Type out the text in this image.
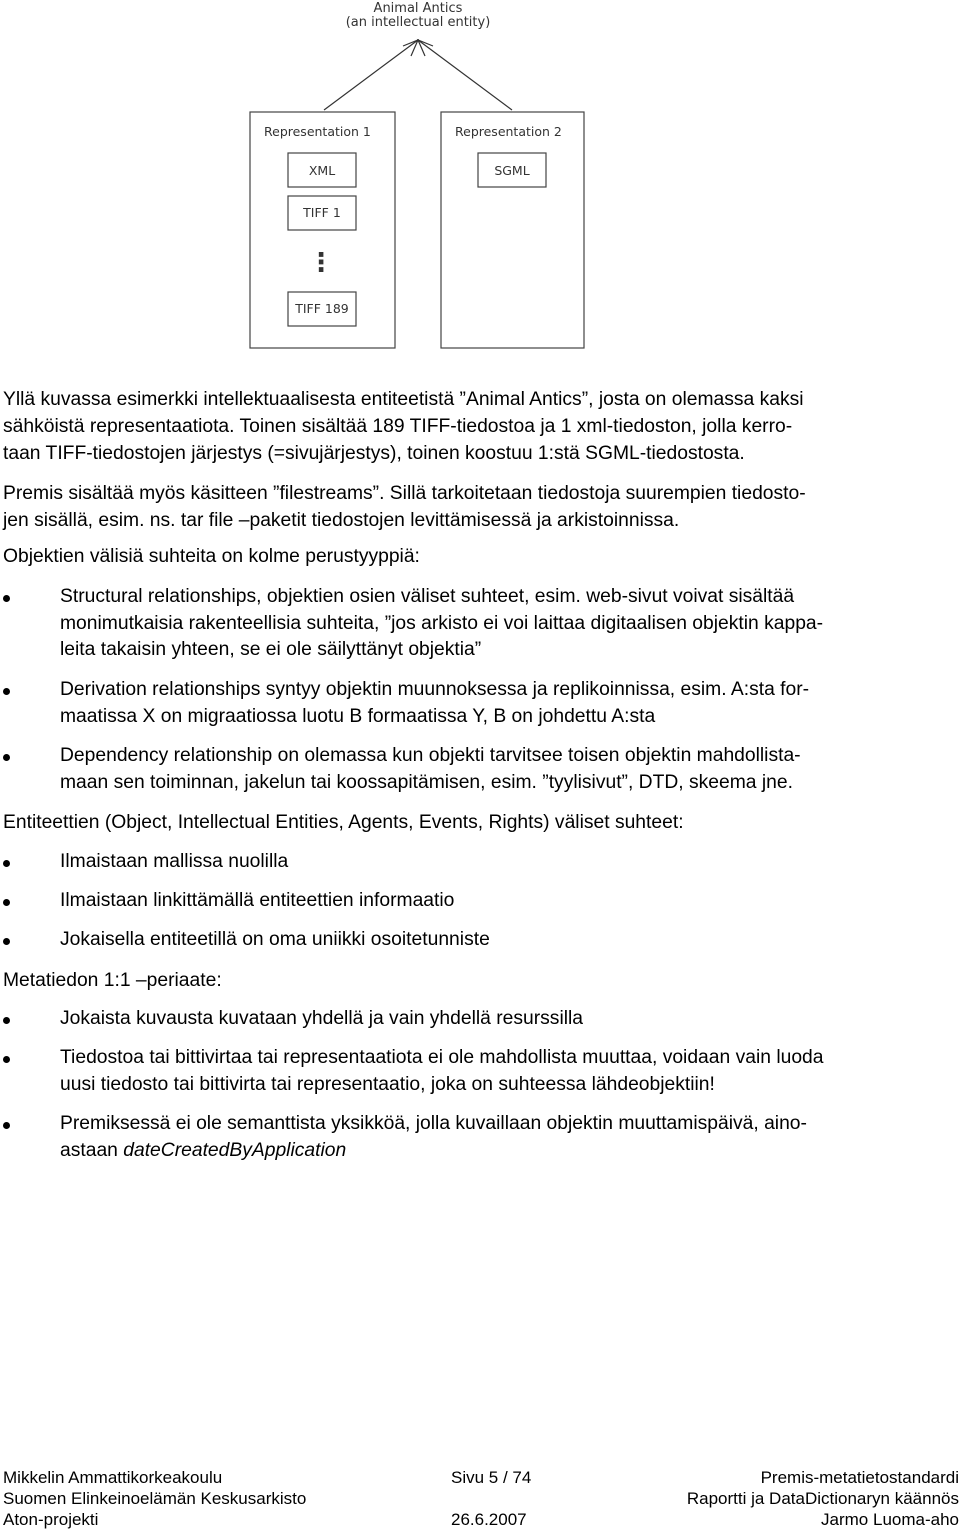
Animal Antics
(an intellectual entity)
Representation 1
XML
TIFF 1
⋮
TIFF 189
Representation 2
SGML
Yllä kuvassa esimerkki intellektuaalisesta entiteetistä ”Animal Antics”, josta on olemassa kaksi
sähköistä representaatiota. Toinen sisältää 189 TIFF-tiedostoa ja 1 xml-tiedoston, jolla kerro-
taan TIFF-tiedostojen järjestys (=sivujärjestys), toinen koostuu 1:stä SGML-tiedostosta.
Premis sisältää myös käsitteen ”filestreams”. Sillä tarkoitetaan tiedostoja suurempien tiedosto-
jen sisällä, esim. ns. tar file –paketit tiedostojen levittämisessä ja arkistoinnissa.
Objektien välisiä suhteita on kolme perustyyppiä:
Structural relationships, objektien osien väliset suhteet, esim. web-sivut voivat sisältää
monimutkaisia rakenteellisia suhteita, ”jos arkisto ei voi laittaa digitaalisen objektin kappa-
leita takaisin yhteen, se ei ole säilyttänyt objektia”
Derivation relationships syntyy objektin muunnoksessa ja replikoinnissa, esim. A:sta for-
maatissa X on migraatiossa luotu B formaatissa Y, B on johdettu A:sta
Dependency relationship on olemassa kun objekti tarvitsee toisen objektin mahdollista-
maan sen toiminnan, jakelun tai koossapitämisen, esim. ”tyylisivut”, DTD, skeema jne.
Entiteettien (Object, Intellectual Entities, Agents, Events, Rights) väliset suhteet:
Ilmaistaan mallissa nuolilla
Ilmaistaan linkittämällä entiteettien informaatio
Jokaisella entiteetillä on oma uniikki osoitetunniste
Metatiedon 1:1 –periaate:
Jokaista kuvausta kuvataan yhdellä ja vain yhdellä resurssilla
Tiedostoa tai bittivirtaa tai representaatiota ei ole mahdollista muuttaa, voidaan vain luoda
uusi tiedosto tai bittivirta tai representaatio, joka on suhteessa lähdeobjektiin!
Premiksessä ei ole semanttista yksikköä, jolla kuvaillaan objektin muuttamispäivä, aino-
astaan dateCreatedByApplication
Mikkelin Ammattikorkeakoulu	Sivu 5 / 74	Premis-metatietostandardi
Suomen Elinkeinoelämän Keskusarkisto	Raportti ja DataDictionaryn käännös
Aton-projekti	26.6.2007	Jarmo Luoma-aho
